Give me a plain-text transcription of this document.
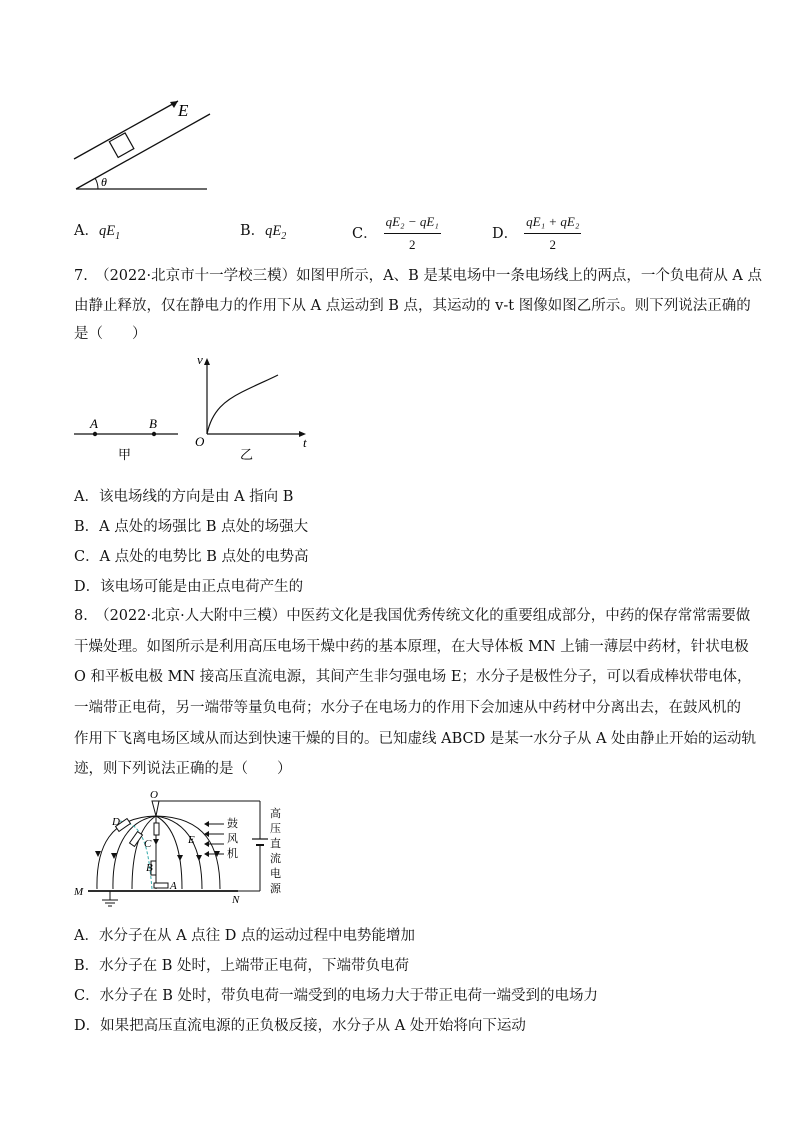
E
θ
A．$qE_1$	B．$qE_2$	C． $\frac{\text{qE₂ − qE₁}}{2}$	D． $\frac{\text{qE₁ + qE₂}}{2}$
7.　（2022·北京市十一学校三模）如图甲所示，A、B 是某电场中一条电场线上的两点，一个负电荷从 A 点
由静止释放，仅在静电力的作用下从 A 点运动到 B 点，其运动的 v-t 图像如图乙所示。则下列说法正确的
是（　　）
A	B
甲
v
t
O
乙
A．该电场线的方向是由 A 指向 B
B．A 点处的场强比 B 点处的场强大
C．A 点处的电势比 B 点处的电势高
D．该电场可能是由正点电荷产生的
8.　（2022·北京·人大附中三模）中医药文化是我国优秀传统文化的重要组成部分，中药的保存常常需要做
干燥处理。如图所示是利用高压电场干燥中药的基本原理，在大导体板 MN 上铺一薄层中药材，针状电极
O 和平板电极 MN 接高压直流电源，其间产生非匀强电场 E；水分子是极性分子，可以看成棒状带电体，
一端带正电荷，另一端带等量负电荷；水分子在电场力的作用下会加速从中药材中分离出去，在鼓风机的
作用下飞离电场区域从而达到快速干燥的目的。已知虚线 ABCD 是某一水分子从 A 处由静止开始的运动轨
迹，则下列说法正确的是（　　）
O
D
C
B
A
E
M
N
鼓 风 机
高 压 直 流 电 源
A．水分子在从 A 点往 D 点的运动过程中电势能增加
B．水分子在 B 处时，上端带正电荷，下端带负电荷
C．水分子在 B 处时，带负电荷一端受到的电场力大于带正电荷一端受到的电场力
D．如果把高压直流电源的正负极反接，水分子从 A 处开始将向下运动
